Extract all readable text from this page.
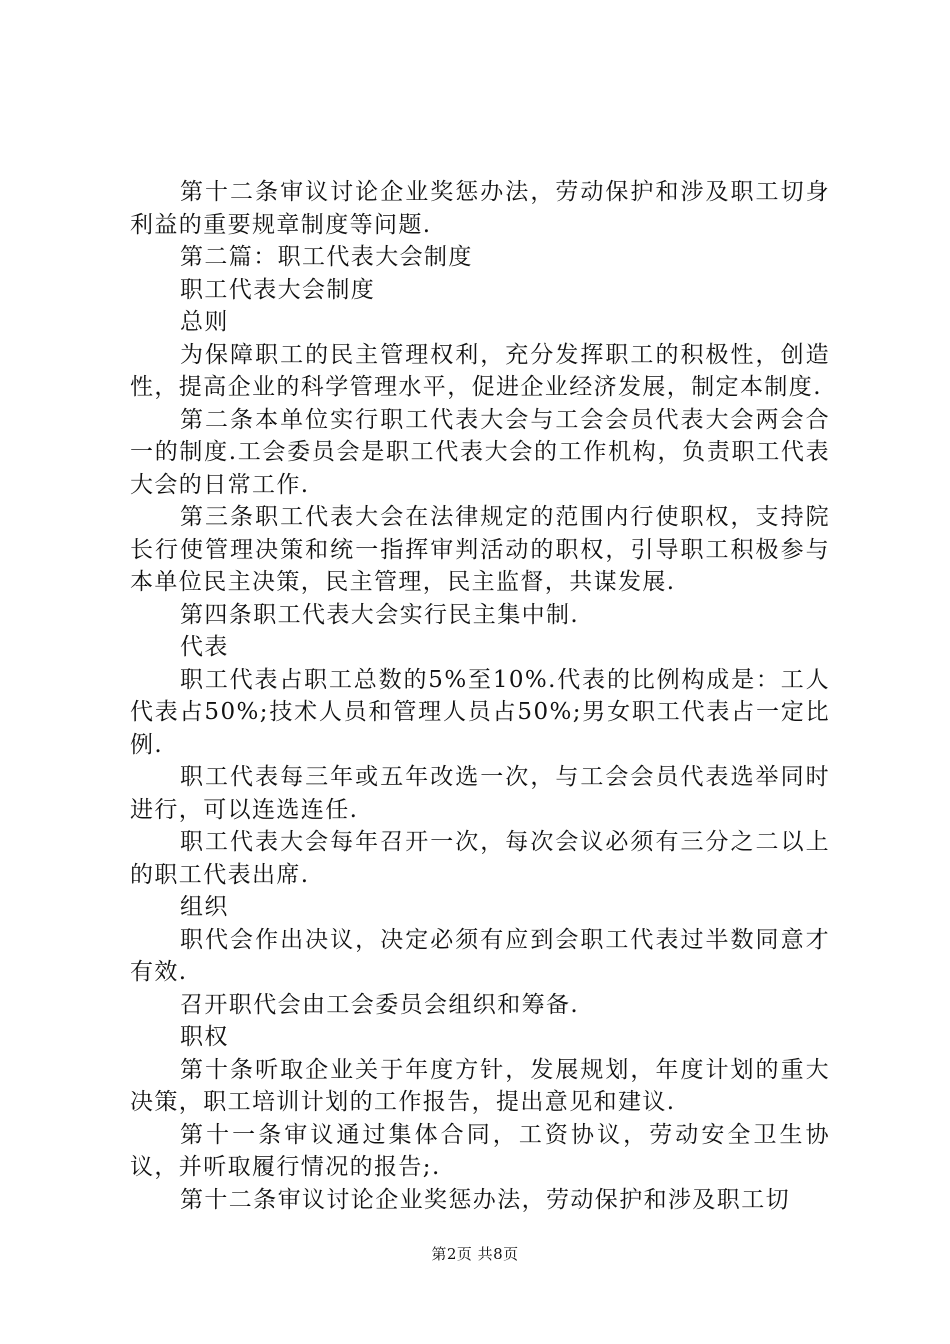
第十二条审议讨论企业奖惩办法，劳动保护和涉及职工切身利益的重要规章制度等问题.

第二篇：职工代表大会制度

职工代表大会制度

总则

为保障职工的民主管理权利，充分发挥职工的积极性，创造性，提高企业的科学管理水平，促进企业经济发展，制定本制度.

第二条本单位实行职工代表大会与工会会员代表大会两会合一的制度.工会委员会是职工代表大会的工作机构，负责职工代表大会的日常工作.

第三条职工代表大会在法律规定的范围内行使职权，支持院长行使管理决策和统一指挥审判活动的职权，引导职工积极参与本单位民主决策，民主管理，民主监督，共谋发展.

第四条职工代表大会实行民主集中制.

代表

职工代表占职工总数的5%至10%.代表的比例构成是：工人代表占50%;技术人员和管理人员占50%;男女职工代表占一定比例.

职工代表每三年或五年改选一次，与工会会员代表选举同时进行，可以连选连任.

职工代表大会每年召开一次，每次会议必须有三分之二以上的职工代表出席.

组织

职代会作出决议，决定必须有应到会职工代表过半数同意才有效.

召开职代会由工会委员会组织和筹备.

职权

第十条听取企业关于年度方针，发展规划，年度计划的重大决策，职工培训计划的工作报告，提出意见和建议.

第十一条审议通过集体合同，工资协议，劳动安全卫生协议，并听取履行情况的报告;.

第十二条审议讨论企业奖惩办法，劳动保护和涉及职工切

第2页 共8页
